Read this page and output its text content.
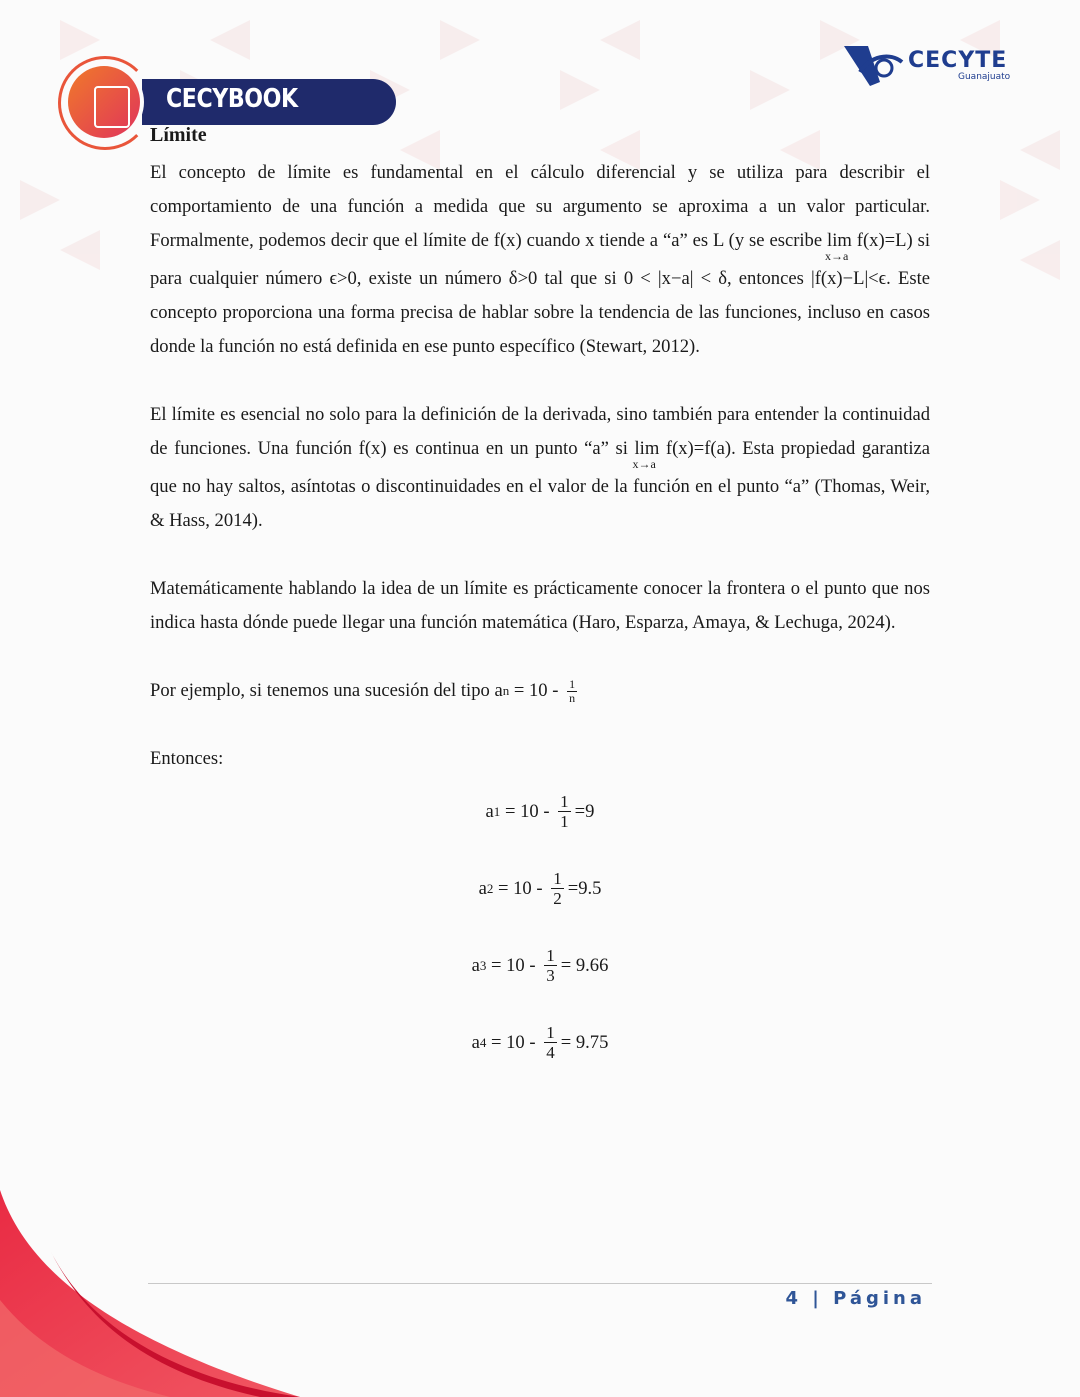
CECYBOOK
CECYTE
Guanajuato
Límite

El concepto de límite es fundamental en el cálculo diferencial y se utiliza para describir el comportamiento de una función a medida que su argumento se aproxima a un valor particular. Formalmente, podemos decir que el límite de f(x) cuando x tiende a “a” es L (y se escribe lim
x→a
f(x)=L) si para cualquier número ϵ>0, existe un número δ>0 tal que si 0 < |x−a| < δ, entonces |f(x)−L|<ϵ. Este concepto proporciona una forma precisa de hablar sobre la tendencia de las funciones, incluso en casos donde la función no está definida en ese punto específico (Stewart, 2012).

El límite es esencial no solo para la definición de la derivada, sino también para entender la continuidad de funciones. Una función f(x) es continua en un punto “a” si lim
x→a
f(x)=f(a). Esta propiedad garantiza que no hay saltos, asíntotas o discontinuidades en el valor de la función en el punto “a” (Thomas, Weir, & Hass, 2014).

Matemáticamente hablando la idea de un límite es prácticamente conocer la frontera o el punto que nos indica hasta dónde puede llegar una función matemática (Haro, Esparza, Amaya, & Lechuga, 2024).

Por ejemplo, si tenemos una sucesión del tipo a $n = 10 - \frac{1}{n}$

Entonces:

a $1 = 10 - \frac{1}{1} =9$
a $2 = 10 - \frac{1}{2} =9.5$
a $3 = 10 - \frac{1}{3} = 9.66$
a $4 = 10 - \frac{1}{4} = 9.75$
4 | Página
